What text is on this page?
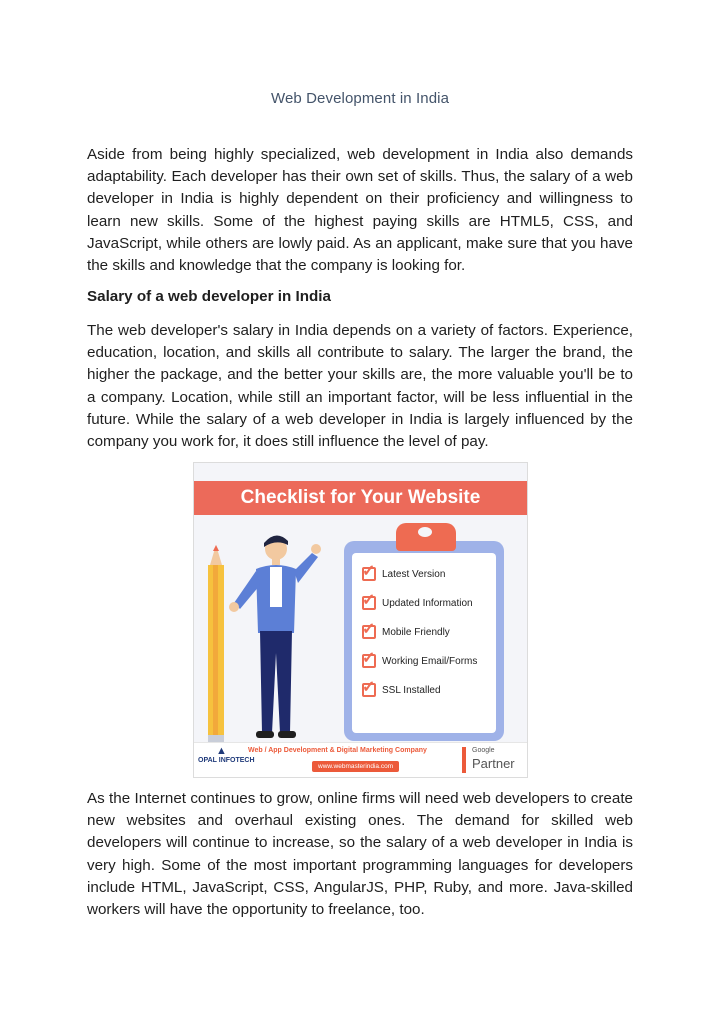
Web Development in India

Aside from being highly specialized, web development in India also demands adaptability. Each developer has their own set of skills. Thus, the salary of a web developer in India is highly dependent on their proficiency and willingness to learn new skills. Some of the highest paying skills are HTML5, CSS, and JavaScript, while others are lowly paid. As an applicant, make sure that you have the skills and knowledge that the company is looking for.

Salary of a web developer in India

The web developer's salary in India depends on a variety of factors. Experience, education, location, and skills all contribute to salary. The larger the brand, the higher the package, and the better your skills are, the more valuable you'll be to a company. Location, while still an important factor, will be less influential in the future. While the salary of a web developer in India is largely influenced by the company you work for, it does still influence the level of pay.

Checklist for Your Website
✓ Latest Version
✓ Updated Information
✓ Mobile Friendly
✓ Working Email/Forms
✓ SSL Installed
▲
OPAL INFOTECH
Web / App Development & Digital Marketing Company
www.webmasterindia.com
Google
Partner

As the Internet continues to grow, online firms will need web developers to create new websites and overhaul existing ones. The demand for skilled web developers will continue to increase, so the salary of a web developer in India is very high. Some of the most important programming languages for developers include HTML, JavaScript, CSS, AngularJS, PHP, Ruby, and more. Java-skilled workers will have the opportunity to freelance, too.
